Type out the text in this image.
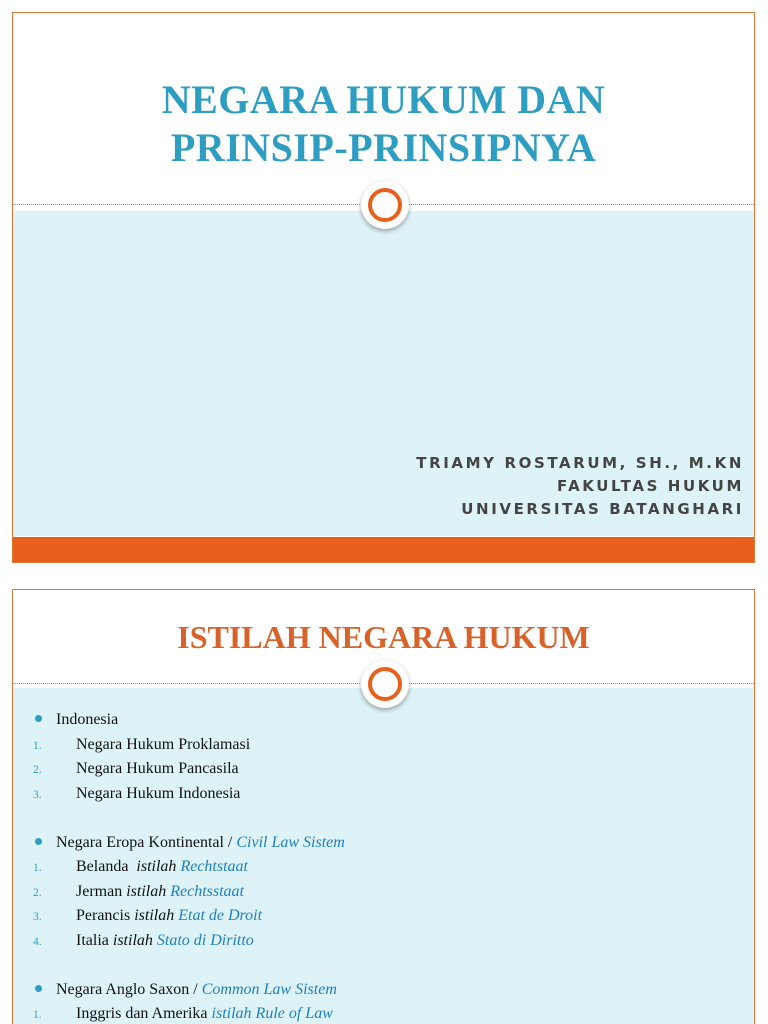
NEGARA HUKUM DAN
PRINSIP-PRINSIPNYA
TRIAMY ROSTARUM, SH., M.KN
FAKULTAS HUKUM
UNIVERSITAS BATANGHARI
ISTILAH NEGARA HUKUM
Indonesia
1. Negara Hukum Proklamasi
2. Negara Hukum Pancasila
3. Negara Hukum Indonesia
Negara Eropa Kontinental / Civil Law Sistem
1. Belanda  istilah Rechtstaat
2. Jerman istilah Rechtsstaat
3. Perancis istilah Etat de Droit
4. Italia istilah Stato di Diritto
Negara Anglo Saxon / Common Law Sistem
1. Inggris dan Amerika istilah Rule of Law
